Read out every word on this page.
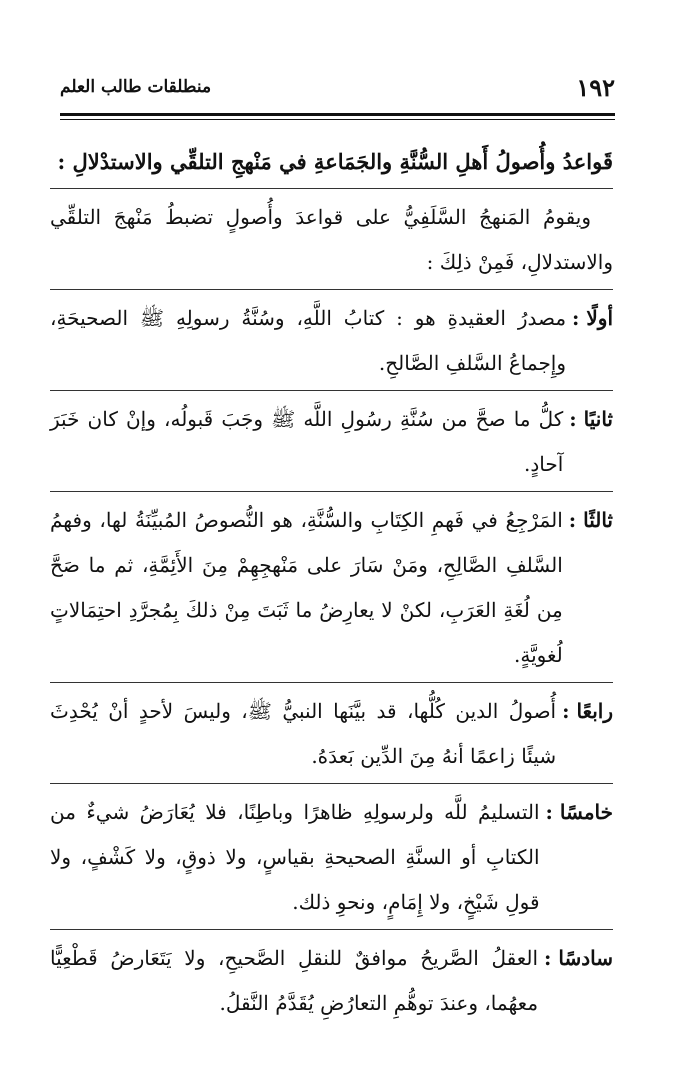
١٩٢
منطلقات طالب العلم
قَواعدُ وأُصولُ أَهلِ السُّنَّةِ والجَمَاعةِ في مَنْهجِ التلقِّي والاستدْلالِ :

ويقومُ المَنهجُ السَّلَفِيُّ على قواعدَ وأُصولٍ تضبطُ مَنْهجَ التلقِّي والاستدلالِ، فَمِنْ ذلِكَ :

أولًا :
مصدرُ العقيدةِ هو : كتابُ اللَّهِ، وسُنَّةُ رسولِهِ ﷺ الصحيحَةِ، وإِجماعُ السَّلفِ الصَّالحِ.
ثانيًا :
كلُّ ما صحَّ من سُنَّةِ رسُولِ اللَّه ﷺ وجَبَ قَبولُه، وإنْ كان خَبَرَ آحادٍ.
ثالثًا :
المَرْجِعُ في فَهمِ الكِتَابِ والسُّنَّةِ، هو النُّصوصُ المُبيِّنَةُ لها، وفهمُ السَّلفِ الصَّالِحِ، ومَنْ سَارَ على مَنْهجِهِمْ مِنَ الأَئِمَّةِ، ثم ما صَحَّ مِن لُغَةِ العَرَبِ، لكنْ لا يعارِضُ ما ثَبَتَ مِنْ ذلكَ بِمُجرَّدِ احتِمَالاتٍ لُغويَّةٍ.
رابعًا :
أُصولُ الدين كُلُّها، قد بيَّنَها النبيُّ ﷺ، وليسَ لأحدٍ أنْ يُحْدِثَ شيئًا زاعمًا أنهُ مِنَ الدِّين بَعدَهُ.
خامسًا :
التسليمُ للَّه ولرسولِهِ ظاهرًا وباطِنًا، فلا يُعَارَضُ شيءٌ من الكتابِ أو السنَّةِ الصحيحةِ بقياسٍ، ولا ذوقٍ، ولا كَشْفٍ، ولا قولِ شَيْخٍ، ولا إِمَامٍ، ونحوِ ذلك.
سادسًا :
العقلُ الصَّريحُ موافقٌ للنقلِ الصَّحيحِ، ولا يَتَعَارضُ قَطْعِيًّا معهُما، وعندَ توهُّمِ التعارُضِ يُقَدَّمُ النَّقلُ.
